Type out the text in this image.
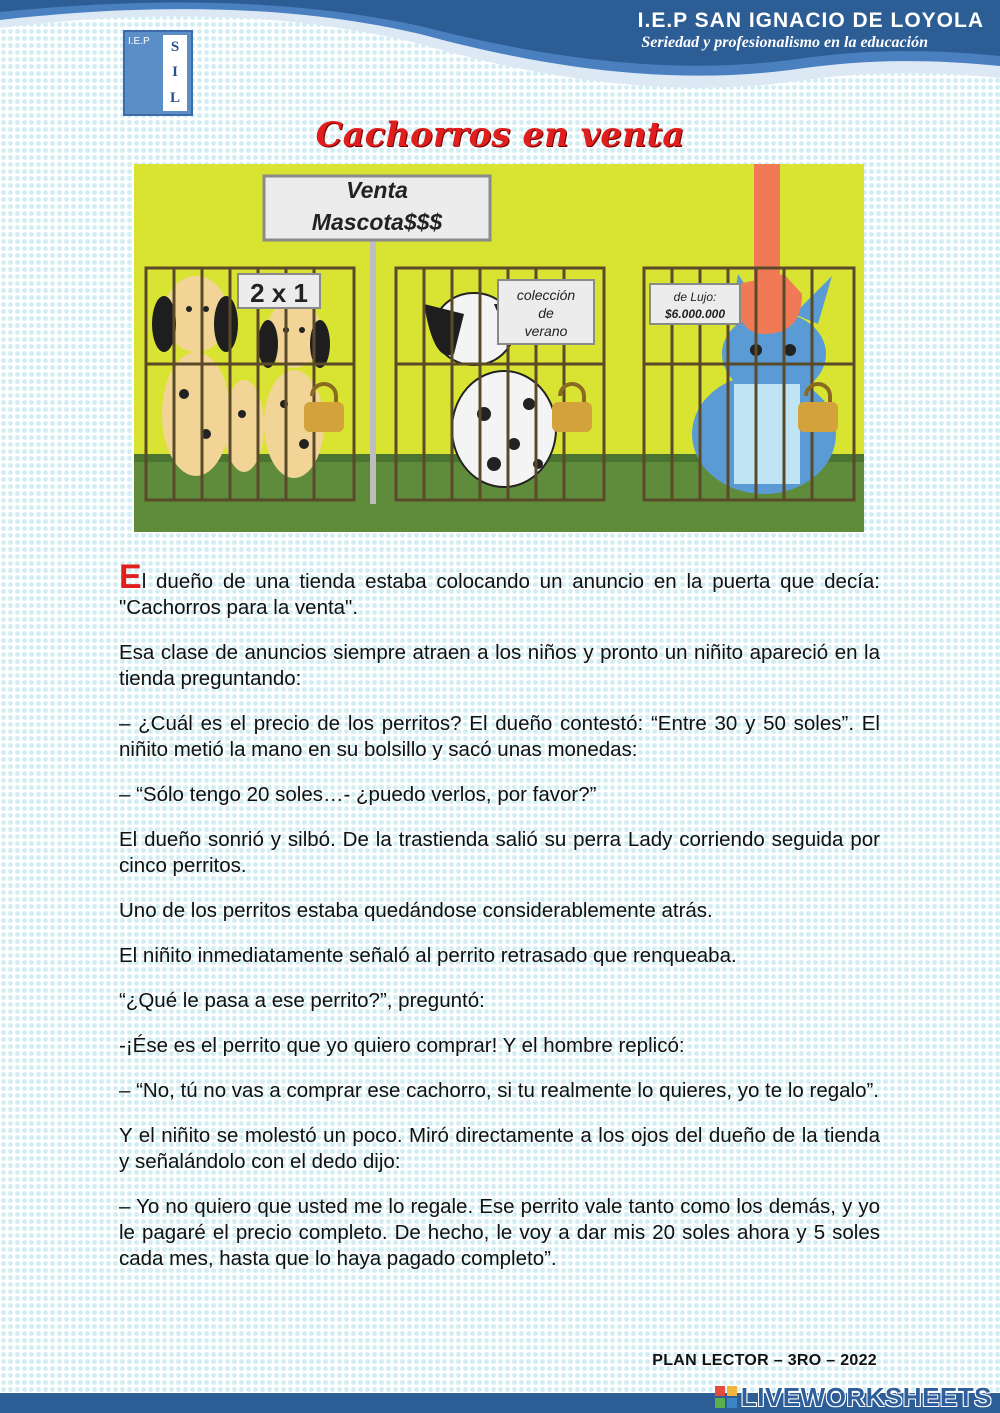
I.E.P SAN IGNACIO DE LOYOLA

Seriedad y profesionalismo en la educación

I.E.P S
I
L
Cachorros en venta
Venta
Mascota$$$
2 x 1	colección
de
verano
de Lujo:
$6.000.000

El dueño de una tienda estaba colocando un anuncio en la puerta que decía: "Cachorros para la venta".

Esa clase de anuncios siempre atraen a los niños y pronto un niñito apareció en la tienda preguntando:

– ¿Cuál es el precio de los perritos? El dueño contestó: “Entre 30 y 50 soles”. El niñito metió la mano en su bolsillo y sacó unas monedas:

– “Sólo tengo 20 soles…- ¿puedo verlos, por favor?”

El dueño sonrió y silbó. De la trastienda salió su perra Lady corriendo seguida por cinco perritos.

Uno de los perritos estaba quedándose considerablemente atrás.

El niñito inmediatamente señaló al perrito retrasado que renqueaba.

“¿Qué le pasa a ese perrito?”, preguntó:

-¡Ése es el perrito que yo quiero comprar! Y el hombre replicó:

– “No, tú no vas a comprar ese cachorro, si tu realmente lo quieres, yo te lo regalo”.

Y el niñito se molestó un poco. Miró directamente a los ojos del dueño de la tienda y señalándolo con el dedo dijo:

– Yo no quiero que usted me lo regale. Ese perrito vale tanto como los demás, y yo le pagaré el precio completo. De hecho, le voy a dar mis 20 soles ahora y 5 soles cada mes, hasta que lo haya pagado completo”.

PLAN LECTOR – 3RO – 2022

LIVEWORKSHEETS
